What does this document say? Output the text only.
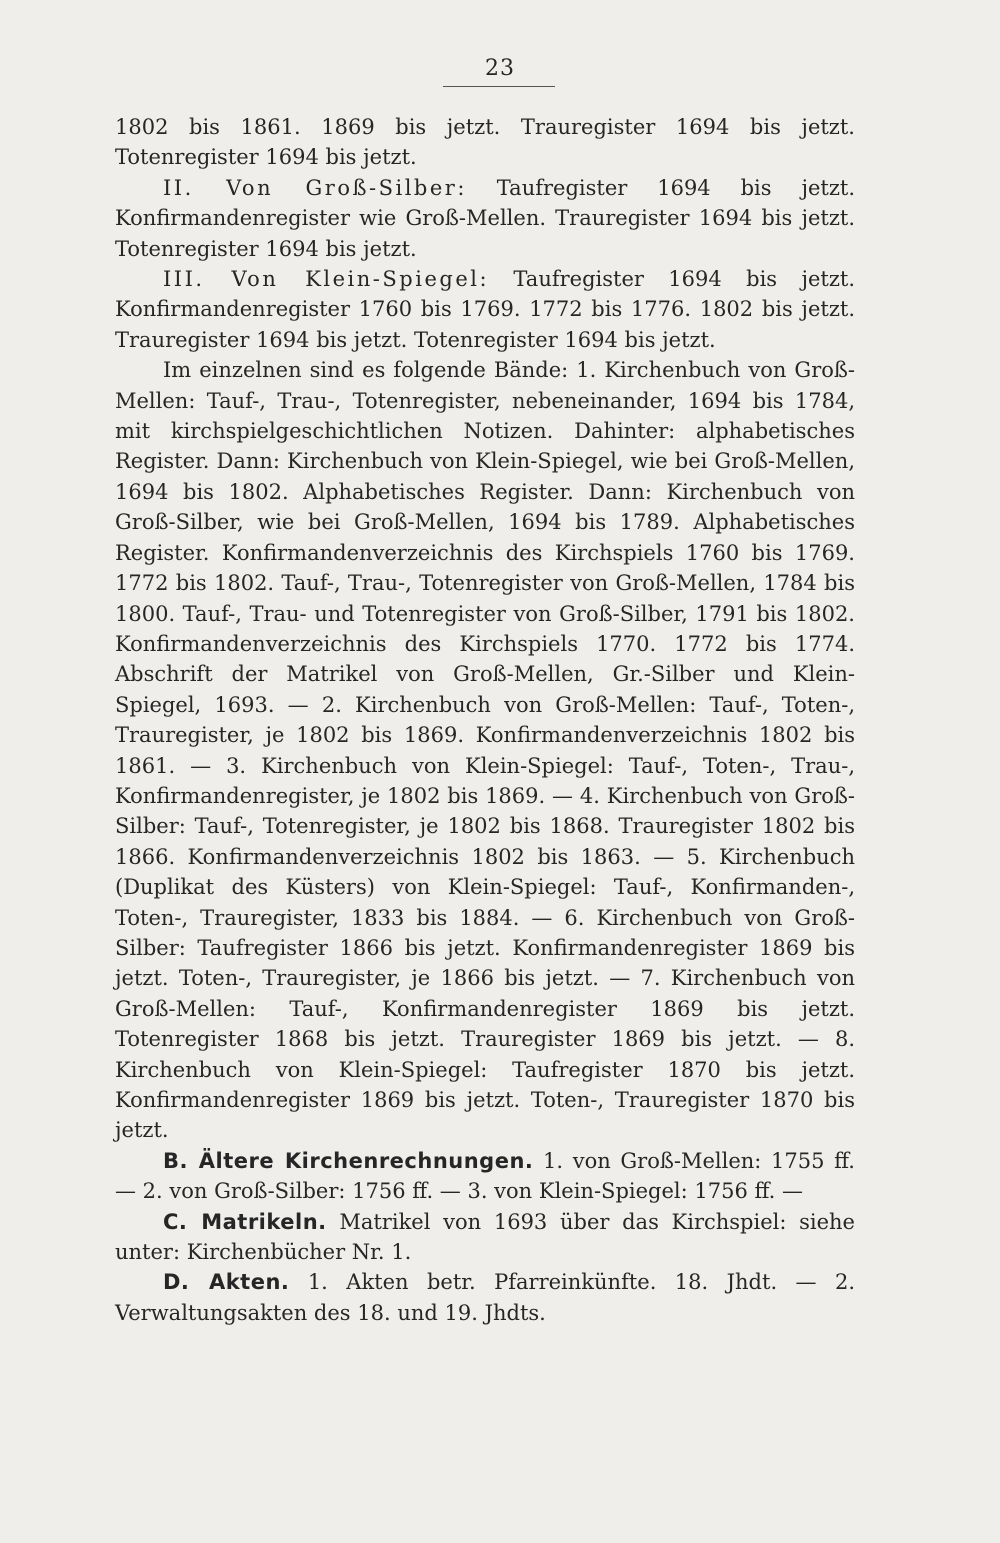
23

1802 bis 1861. 1869 bis jetzt. Trauregister 1694 bis jetzt. Totenregister 1694 bis jetzt.

II. Von Groß-Silber: Taufregister 1694 bis jetzt. Konfirmandenregister wie Groß-Mellen. Trauregister 1694 bis jetzt. Totenregister 1694 bis jetzt.

III. Von Klein-Spiegel: Taufregister 1694 bis jetzt. Konfirmandenregister 1760 bis 1769. 1772 bis 1776. 1802 bis jetzt. Trauregister 1694 bis jetzt. Totenregister 1694 bis jetzt.

Im einzelnen sind es folgende Bände: 1. Kirchenbuch von Groß-Mellen: Tauf-, Trau-, Totenregister, nebeneinander, 1694 bis 1784, mit kirchspielgeschichtlichen Notizen. Dahinter: alphabetisches Register. Dann: Kirchenbuch von Klein-Spiegel, wie bei Groß-Mellen, 1694 bis 1802. Alphabetisches Register. Dann: Kirchenbuch von Groß-Silber, wie bei Groß-Mellen, 1694 bis 1789. Alphabetisches Register. Konfirmandenverzeichnis des Kirchspiels 1760 bis 1769. 1772 bis 1802. Tauf-, Trau-, Totenregister von Groß-Mellen, 1784 bis 1800. Tauf-, Trau- und Totenregister von Groß-Silber, 1791 bis 1802. Konfirmandenverzeichnis des Kirchspiels 1770. 1772 bis 1774. Abschrift der Matrikel von Groß-Mellen, Gr.-Silber und Klein-Spiegel, 1693. — 2. Kirchenbuch von Groß-Mellen: Tauf-, Toten-, Trauregister, je 1802 bis 1869. Konfirmandenverzeichnis 1802 bis 1861. — 3. Kirchenbuch von Klein-Spiegel: Tauf-, Toten-, Trau-, Konfirmandenregister, je 1802 bis 1869. — 4. Kirchenbuch von Groß-Silber: Tauf-, Totenregister, je 1802 bis 1868. Trauregister 1802 bis 1866. Konfirmandenverzeichnis 1802 bis 1863. — 5. Kirchenbuch (Duplikat des Küsters) von Klein-Spiegel: Tauf-, Konfirmanden-, Toten-, Trauregister, 1833 bis 1884. — 6. Kirchenbuch von Groß-Silber: Taufregister 1866 bis jetzt. Konfirmandenregister 1869 bis jetzt. Toten-, Trauregister, je 1866 bis jetzt. — 7. Kirchenbuch von Groß-Mellen: Tauf-, Konfirmandenregister 1869 bis jetzt. Totenregister 1868 bis jetzt. Trauregister 1869 bis jetzt. — 8. Kirchenbuch von Klein-Spiegel: Taufregister 1870 bis jetzt. Konfirmandenregister 1869 bis jetzt. Toten-, Trauregister 1870 bis jetzt.

B. Ältere Kirchenrechnungen. 1. von Groß-Mellen: 1755 ff. — 2. von Groß-Silber: 1756 ff. — 3. von Klein-Spiegel: 1756 ff. —

C. Matrikeln. Matrikel von 1693 über das Kirchspiel: siehe unter: Kirchenbücher Nr. 1.

D. Akten. 1. Akten betr. Pfarreinkünfte. 18. Jhdt. — 2. Verwaltungsakten des 18. und 19. Jhdts.
